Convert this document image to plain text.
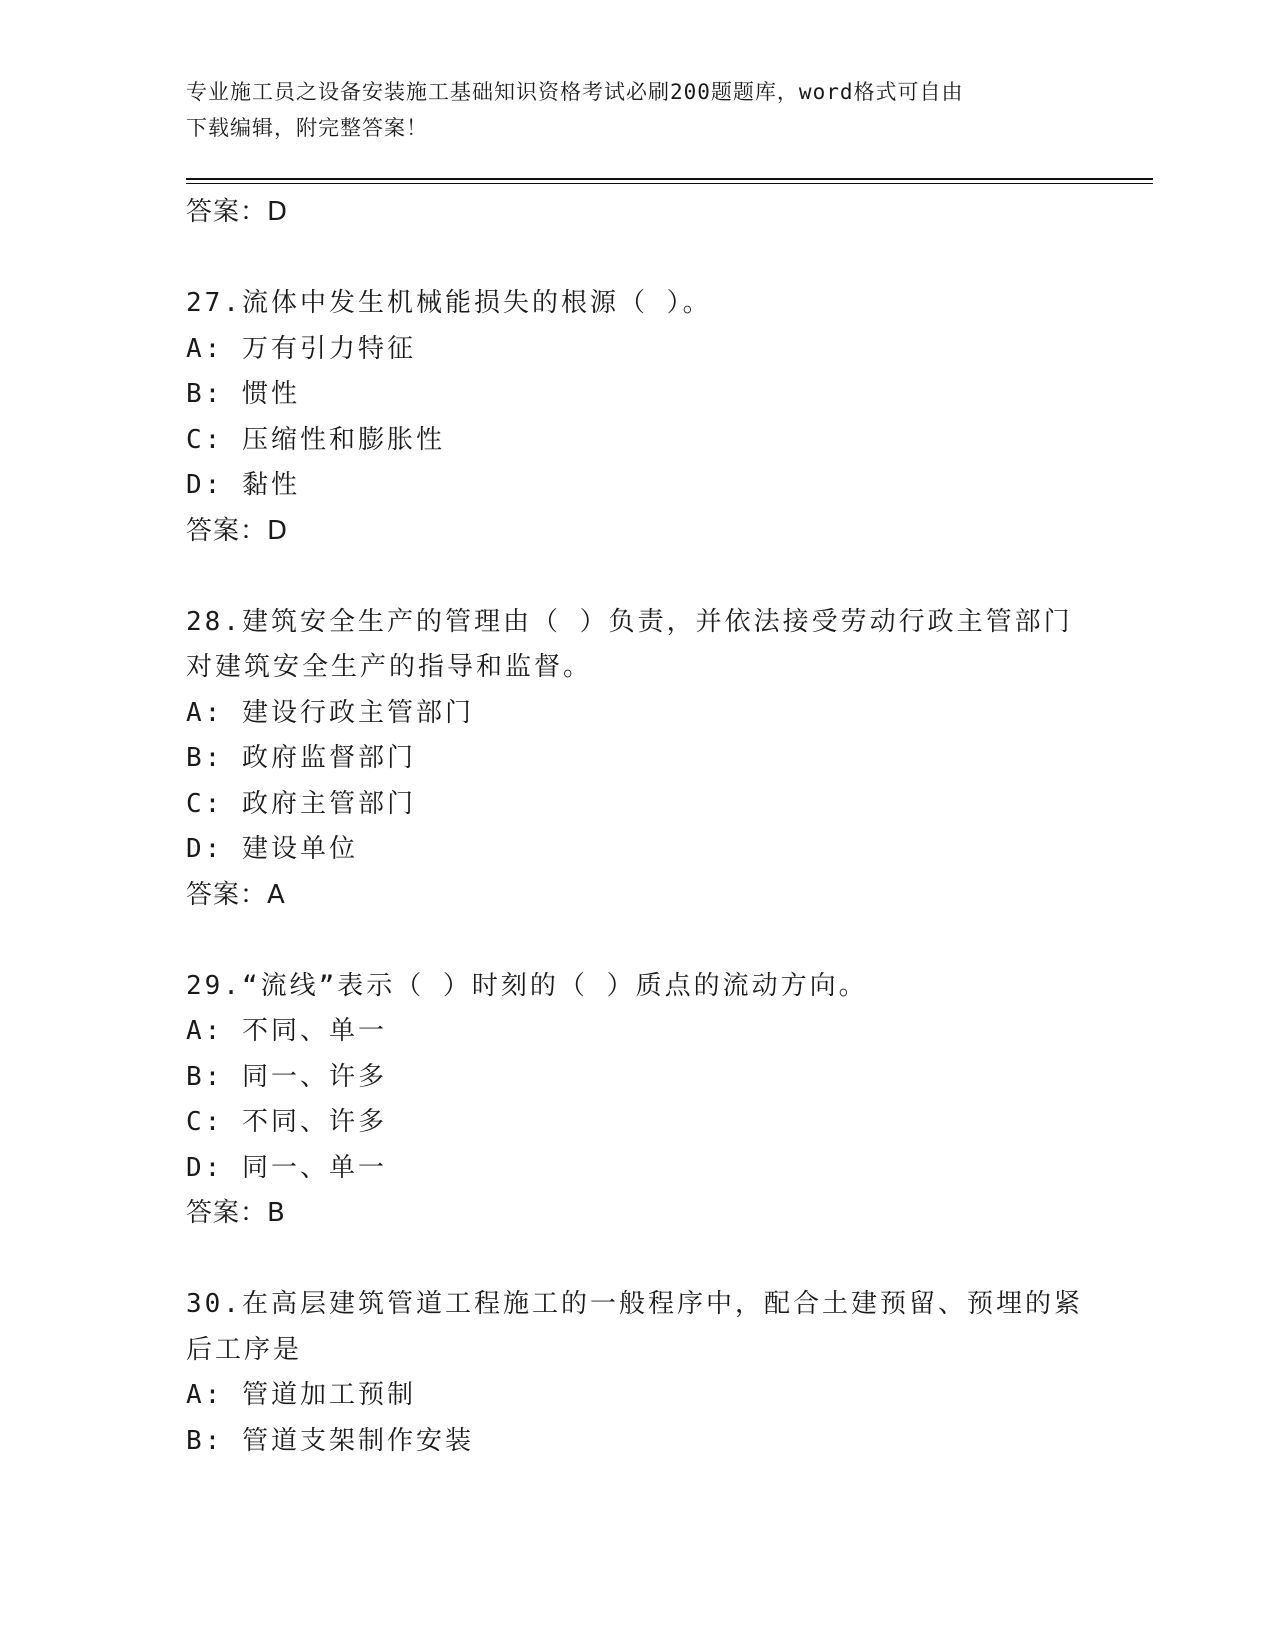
专业施工员之设备安装施工基础知识资格考试必刷200题题库，word格式可自由
下载编辑，附完整答案！
答案：D
27.流体中发生机械能损失的根源（ ）。
A: 万有引力特征
B: 惯性
C: 压缩性和膨胀性
D: 黏性
答案：D
28.建筑安全生产的管理由（ ）负责，并依法接受劳动行政主管部门
对建筑安全生产的指导和监督。
A: 建设行政主管部门
B: 政府监督部门
C: 政府主管部门
D: 建设单位
答案：A
29.“流线”表示（ ）时刻的（ ）质点的流动方向。
A: 不同、单一
B: 同一、许多
C: 不同、许多
D: 同一、单一
答案：B
30.在高层建筑管道工程施工的一般程序中，配合土建预留、预埋的紧
后工序是
A: 管道加工预制
B: 管道支架制作安装
